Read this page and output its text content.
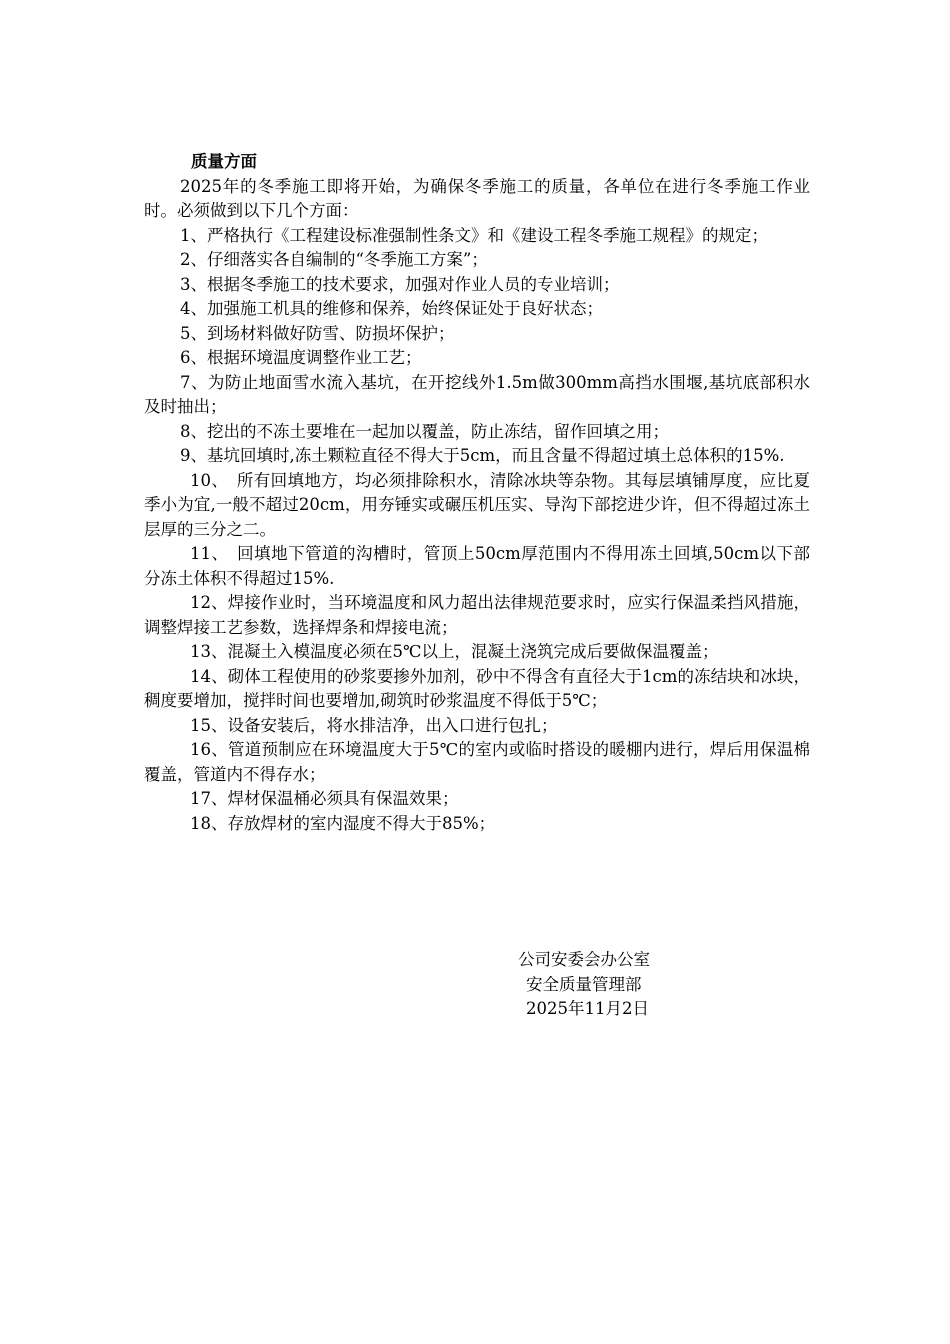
质量方面

2025年的冬季施工即将开始，为确保冬季施工的质量，各单位在进行冬季施工作业时。必须做到以下几个方面：

1、严格执行《工程建设标准强制性条文》和《建设工程冬季施工规程》的规定；

2、仔细落实各自编制的“冬季施工方案”；

3、根据冬季施工的技术要求，加强对作业人员的专业培训；

4、加强施工机具的维修和保养，始终保证处于良好状态；

5、到场材料做好防雪、防损坏保护；

6、根据环境温度调整作业工艺；

7、为防止地面雪水流入基坑，在开挖线外1.5m做300mm高挡水围堰,基坑底部积水及时抽出；

8、挖出的不冻土要堆在一起加以覆盖，防止冻结，留作回填之用；

9、基坑回填时,冻土颗粒直径不得大于5cm，而且含量不得超过填土总体积的15%.

10、　所有回填地方，均必须排除积水，清除冰块等杂物。其每层填铺厚度，应比夏季小为宜,一般不超过20cm，用夯锤实或碾压机压实、导沟下部挖进少许，但不得超过冻土层厚的三分之二。

11、　回填地下管道的沟槽时，管顶上50cm厚范围内不得用冻土回填,50cm以下部分冻土体积不得超过15%.

12、焊接作业时，当环境温度和风力超出法律规范要求时，应实行保温柔挡风措施，调整焊接工艺参数，选择焊条和焊接电流；

13、混凝土入模温度必须在5℃以上，混凝土浇筑完成后要做保温覆盖；

14、砌体工程使用的砂浆要掺外加剂，砂中不得含有直径大于1cm的冻结块和冰块，稠度要增加，搅拌时间也要增加,砌筑时砂浆温度不得低于5℃；

15、设备安装后，将水排洁净，出入口进行包扎；

16、管道预制应在环境温度大于5℃的室内或临时搭设的暖棚内进行，焊后用保温棉覆盖，管道内不得存水；

17、焊材保温桶必须具有保温效果；

18、存放焊材的室内湿度不得大于85%；

公司安委会办公室
安全质量管理部
2025年11月2日
